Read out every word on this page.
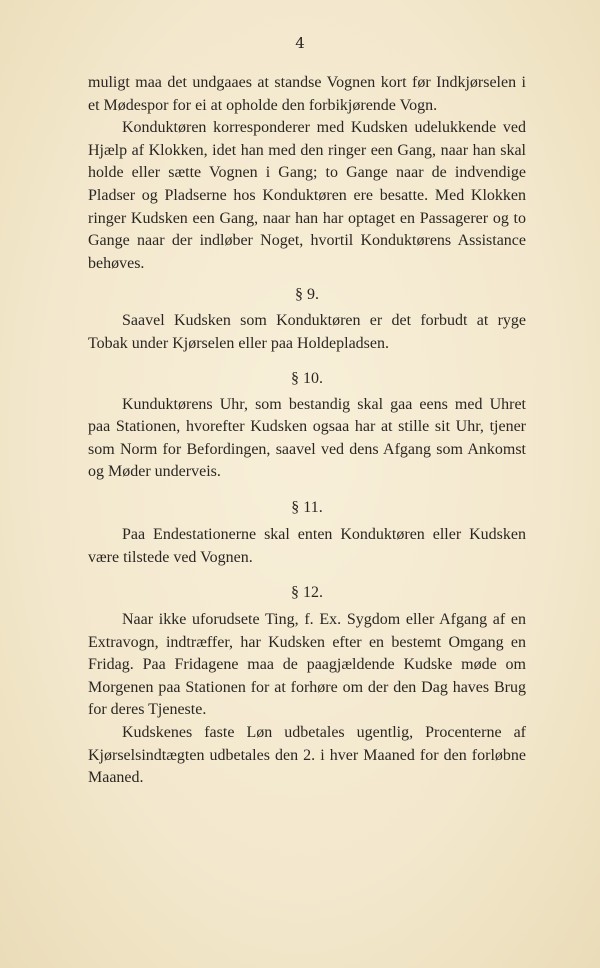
4

muligt maa det undgaaes at standse Vognen kort før Indkjørselen i et Mødespor for ei at opholde den forbikjørende Vogn.

Konduktøren korresponderer med Kudsken udelukkende ved Hjælp af Klokken, idet han med den ringer een Gang, naar han skal holde eller sætte Vognen i Gang; to Gange naar de indvendige Pladser og Pladserne hos Konduktøren ere besatte. Med Klokken ringer Kudsken een Gang, naar han har optaget en Passagerer og to Gange naar der indløber Noget, hvortil Konduktørens Assistance behøves.

§ 9.

Saavel Kudsken som Konduktøren er det forbudt at ryge Tobak under Kjørselen eller paa Holdepladsen.

§ 10.

Kunduktørens Uhr, som bestandig skal gaa eens med Uhret paa Stationen, hvorefter Kudsken ogsaa har at stille sit Uhr, tjener som Norm for Befordingen, saavel ved dens Afgang som Ankomst og Møder underveis.

§ 11.

Paa Endestationerne skal enten Konduktøren eller Kudsken være tilstede ved Vognen.

§ 12.

Naar ikke uforudsete Ting, f. Ex. Sygdom eller Afgang af en Extravogn, indtræffer, har Kudsken efter en bestemt Omgang en Fridag. Paa Fridagene maa de paagjældende Kudske møde om Morgenen paa Stationen for at forhøre om der den Dag haves Brug for deres Tjeneste.

Kudskenes faste Løn udbetales ugentlig, Procenterne af Kjørselsindtægten udbetales den 2. i hver Maaned for den forløbne Maaned.
